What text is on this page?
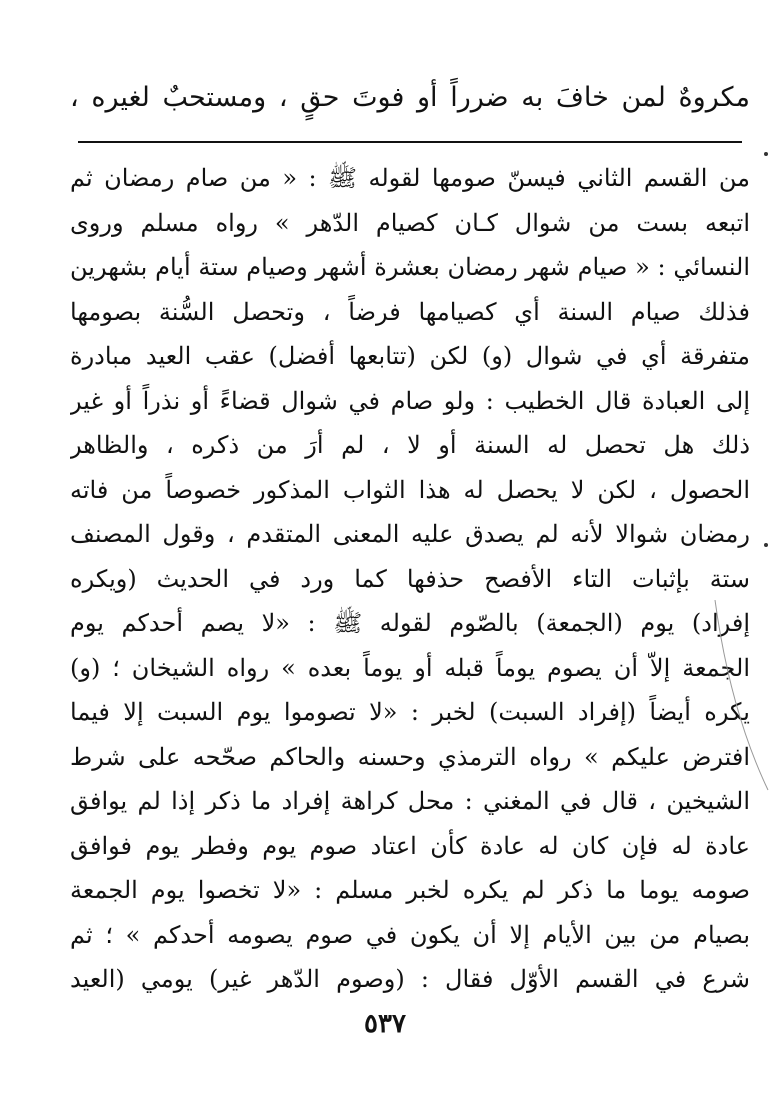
مكروهٌ لمن خافَ به ضرراً أو فوتَ حقٍ ، ومستحبٌ لغيره ،
من القسم الثاني فيسنّ صومها لقوله ﷺ : « من صام رمضان ثم
اتبعه بست من شوال كـان كصيام الدّهر » رواه مسلم وروى
النسائي : « صيام شهر رمضان بعشرة أشهر وصيام ستة أيام بشهرين
فذلك صيام السنة أي كصيامها فرضاً ، وتحصل السُّنة بصومها
متفرقة أي في شوال (و) لكن (تتابعها أفضل) عقب العيد مبادرة
إلى العبادة قال الخطيب : ولو صام في شوال قضاءً أو نذراً أو غير
ذلك هل تحصل له السنة أو لا ، لم أرَ من ذكره ، والظاهر
الحصول ، لكن لا يحصل له هذا الثواب المذكور خصوصاً من فاته
رمضان شوالا لأنه لم يصدق عليه المعنى المتقدم ، وقول المصنف
ستة بإثبات التاء الأفصح حذفها كما ورد في الحديث (ويكره
إفراد) يوم (الجمعة) بالصّوم لقوله ﷺ : «لا يصم أحدكم يوم
الجمعة إلاّ أن يصوم يوماً قبله أو يوماً بعده » رواه الشيخان ؛ (و)
يكره أيضاً (إفراد السبت) لخبر : «لا تصوموا يوم السبت إلا فيما
افترض عليكم » رواه الترمذي وحسنه والحاكم صحّحه على شرط
الشيخين ، قال في المغني : محل كراهة إفراد ما ذكر إذا لم يوافق
عادة له فإن كان له عادة كأن اعتاد صوم يوم وفطر يوم فوافق
صومه يوما ما ذكر لم يكره لخبر مسلم : «لا تخصوا يوم الجمعة
بصيام من بين الأيام إلا أن يكون في صوم يصومه أحدكم » ؛ ثم
شرع في القسم الأوّل فقال : (وصوم الدّهر غير) يومي (العيد
٥٣٧
